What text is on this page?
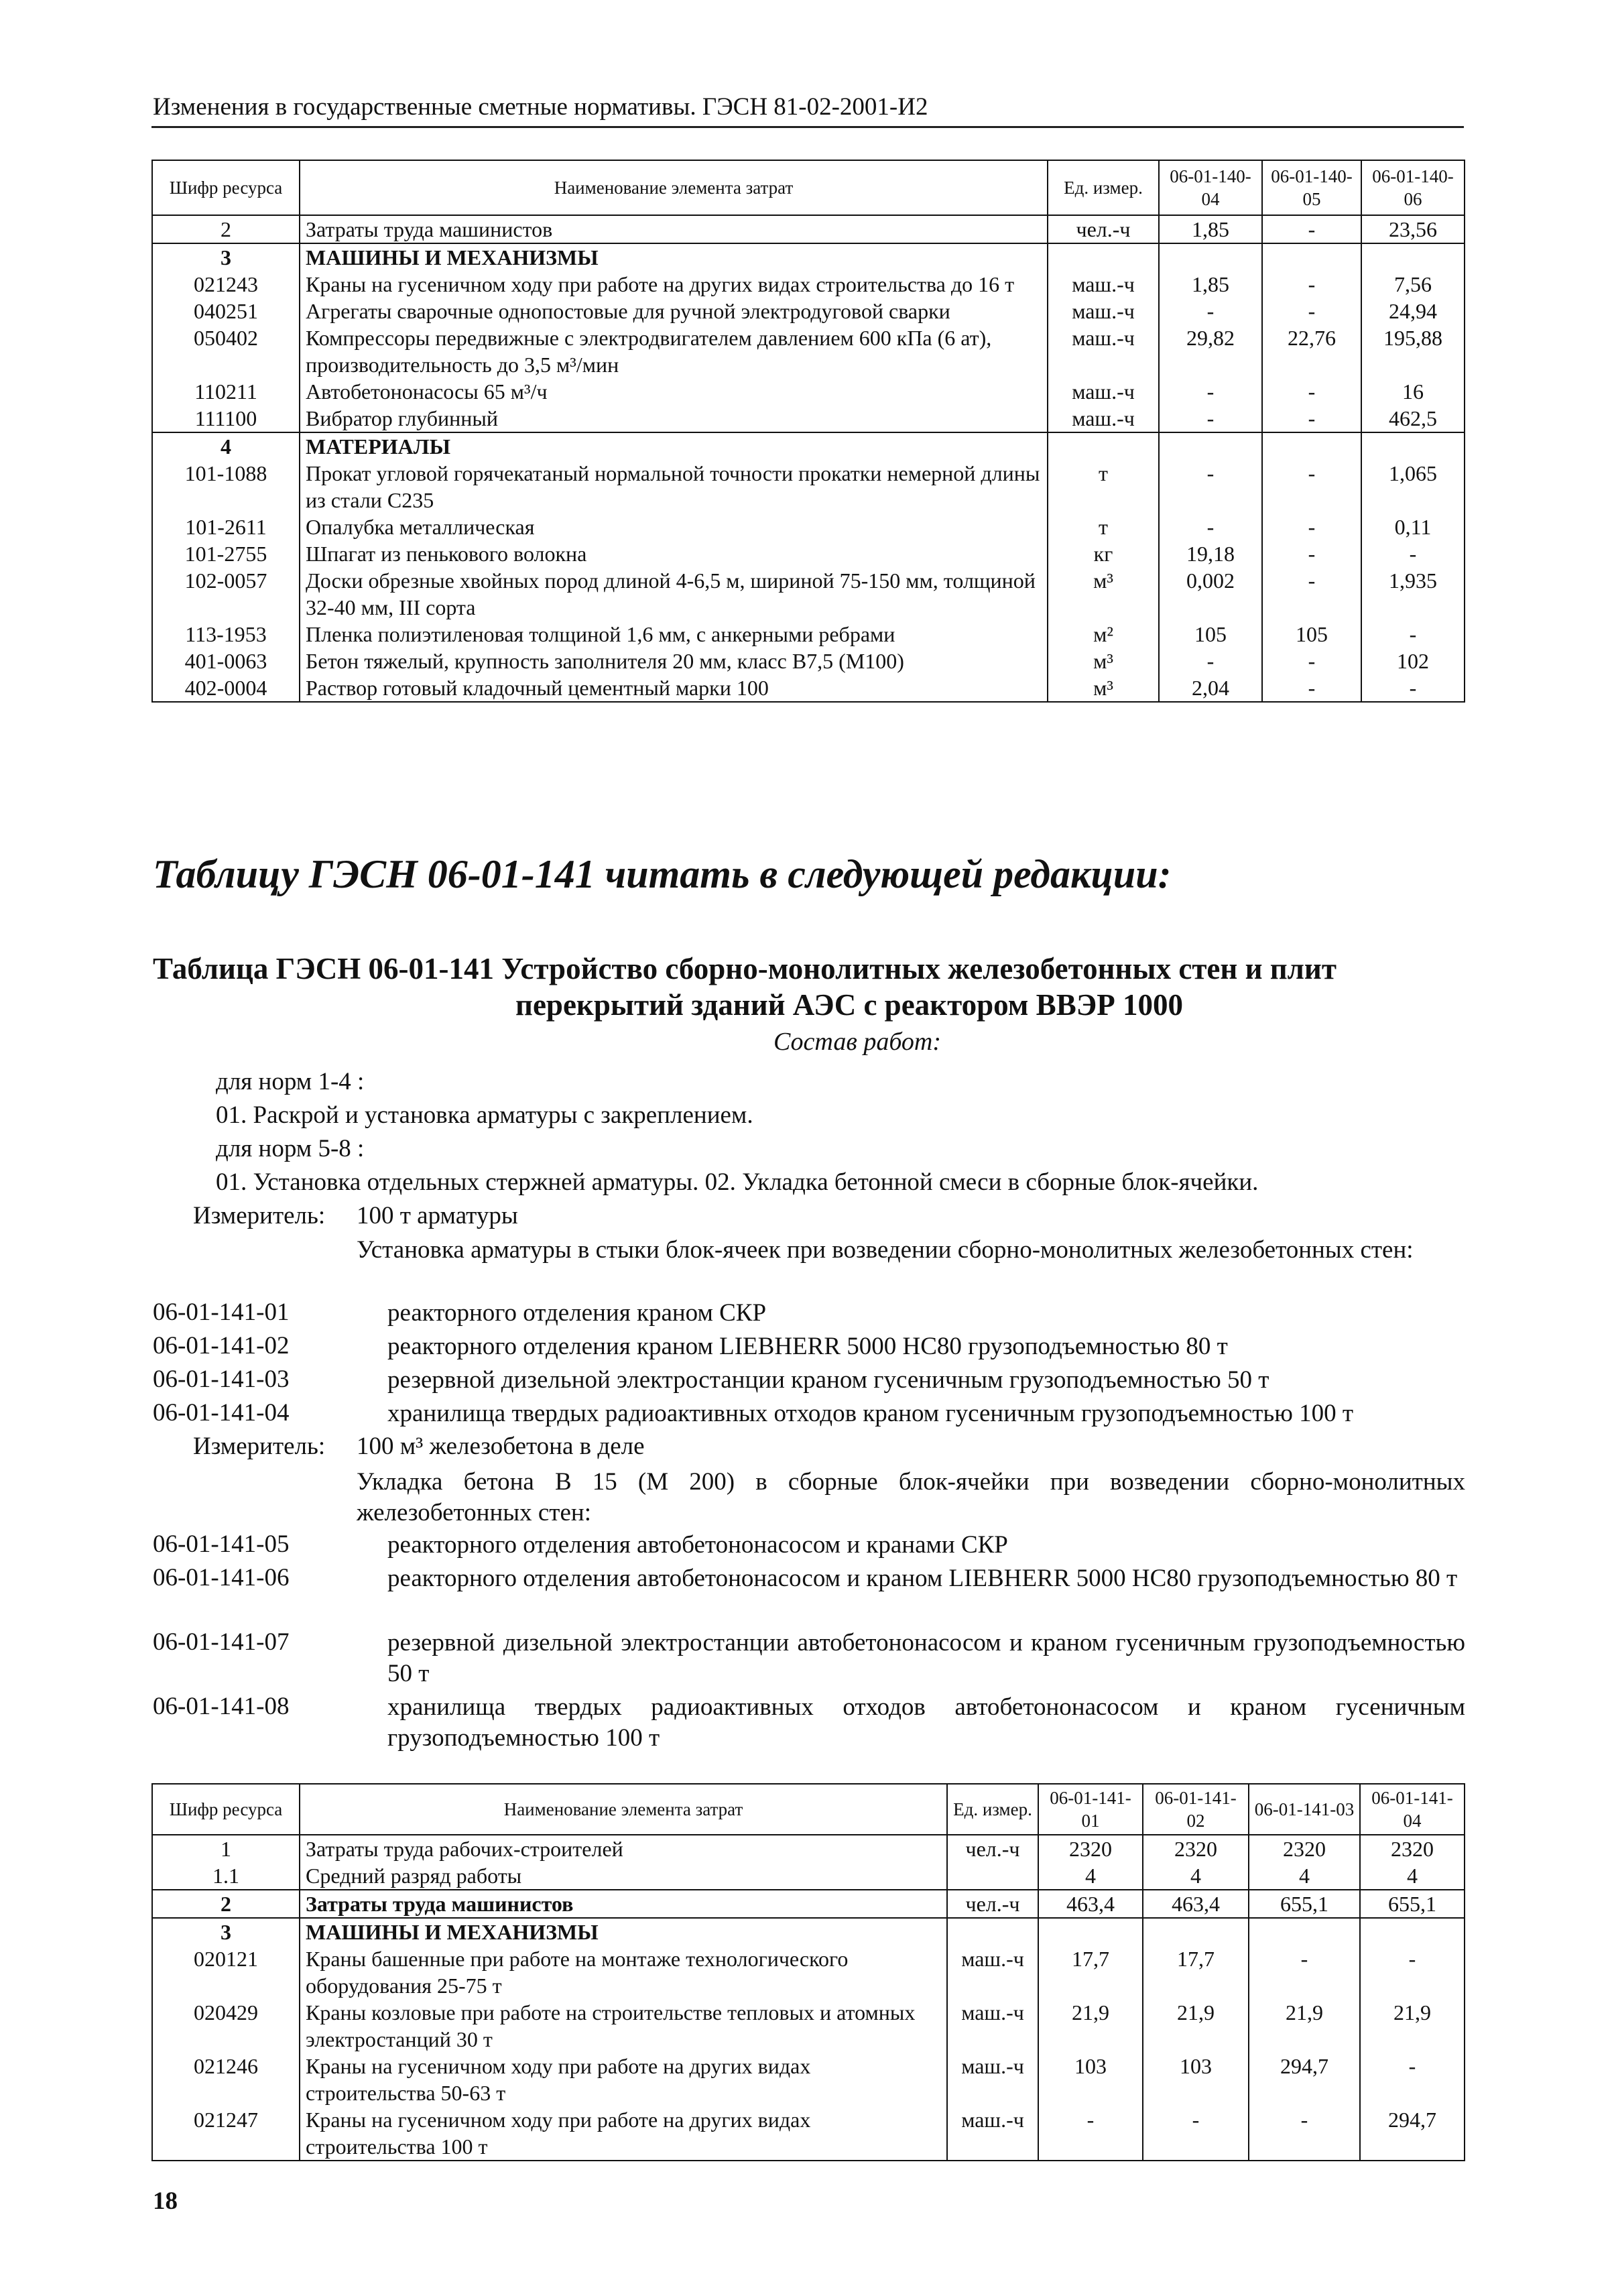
Изменения в государственные сметные нормативы. ГЭСН 81-02-2001-И2
Шифр ресурса	Наименование элемента затрат	Ед. измер.	06-01-140-04	06-01-140-05	06-01-140-06
2	Затраты труда машинистов	чел.-ч	1,85	-	23,56
3	МАШИНЫ И МЕХАНИЗМЫ				
021243	Краны на гусеничном ходу при работе на других видах строительства до 16 т	маш.-ч	1,85	-	7,56
040251	Агрегаты сварочные однопостовые для ручной электродуговой сварки	маш.-ч	-	-	24,94
050402	Компрессоры передвижные с электродвигателем давлением 600 кПа (6 ат), производительность до 3,5 м³/мин	маш.-ч	29,82	22,76	195,88
110211	Автобетононасосы 65 м³/ч	маш.-ч	-	-	16
111100	Вибратор глубинный	маш.-ч	-	-	462,5
4	МАТЕРИАЛЫ				
101-1088	Прокат угловой горячекатаный нормальной точности прокатки немерной длины из стали С235	т	-	-	1,065
101-2611	Опалубка металлическая	т	-	-	0,11
101-2755	Шпагат из пенькового волокна	кг	19,18	-	-
102-0057	Доски обрезные хвойных пород длиной 4-6,5 м, шириной 75-150 мм, толщиной 32-40 мм, III сорта	м³	0,002	-	1,935
113-1953	Пленка полиэтиленовая толщиной 1,6 мм, с анкерными ребрами	м²	105	105	-
401-0063	Бетон тяжелый, крупность заполнителя 20 мм, класс В7,5 (М100)	м³	-	-	102
402-0004	Раствор готовый кладочный цементный марки 100	м³	2,04	-	-
Таблицу ГЭСН 06-01-141 читать в следующей редакции:
Таблица ГЭСН 06-01-141 Устройство сборно-монолитных железобетонных стен и плит
перекрытий зданий АЭС с реактором ВВЭР 1000
Состав работ:
для норм 1-4 :
01. Раскрой и установка арматуры с закреплением.
для норм 5-8 :
01. Установка отдельных стержней арматуры. 02. Укладка бетонной смеси в сборные блок-ячейки.
Измеритель: 100 т арматуры
Установка арматуры в стыки блок-ячеек при возведении сборно-монолитных железобетонных стен:
06-01-141-01	реакторного отделения краном СКР
06-01-141-02	реакторного отделения краном LIEBHERR 5000 HC80 грузоподъемностью 80 т
06-01-141-03	резервной дизельной электростанции краном гусеничным грузоподъемностью 50 т
06-01-141-04	хранилища твердых радиоактивных отходов краном гусеничным грузоподъемностью 100 т
Измеритель: 100 м³ железобетона в деле
Укладка бетона В 15 (М 200) в сборные блок-ячейки при возведении сборно-монолитных железобетонных стен:
06-01-141-05	реакторного отделения автобетононасосом и кранами СКР
06-01-141-06	реакторного отделения автобетононасосом и краном LIEBHERR 5000 HC80 грузоподъемностью 80 т
06-01-141-07	резервной дизельной электростанции автобетононасосом и краном гусеничным грузоподъемностью 50 т
06-01-141-08	хранилища твердых радиоактивных отходов автобетононасосом и краном гусеничным грузоподъемностью 100 т
Шифр ресурса	Наименование элемента затрат	Ед. измер.	06-01-141-01	06-01-141-02	06-01-141-03	06-01-141-04
1	Затраты труда рабочих-строителей	чел.-ч	2320	2320	2320	2320
1.1	Средний разряд работы		4	4	4	4
2	Затраты труда машинистов	чел.-ч	463,4	463,4	655,1	655,1
3	МАШИНЫ И МЕХАНИЗМЫ					
020121	Краны башенные при работе на монтаже технологического оборудования 25-75 т	маш.-ч	17,7	17,7	-	-
020429	Краны козловые при работе на строительстве тепловых и атомных электростанций 30 т	маш.-ч	21,9	21,9	21,9	21,9
021246	Краны на гусеничном ходу при работе на других видах строительства 50-63 т	маш.-ч	103	103	294,7	-
021247	Краны на гусеничном ходу при работе на других видах строительства 100 т	маш.-ч	-	-	-	294,7
18
